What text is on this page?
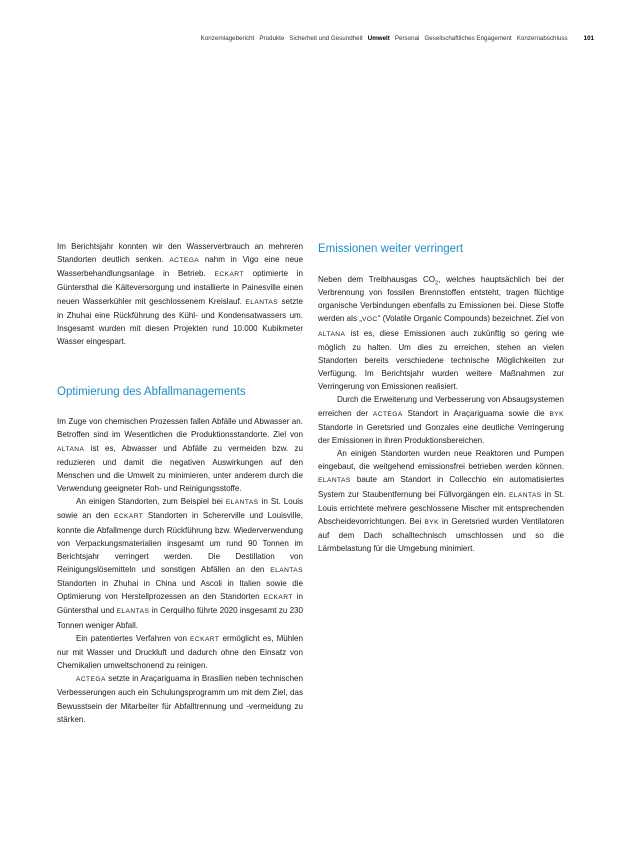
Konzernlagebericht Produkte Sicherheit und Gesundheit Umwelt Personal Gesellschaftliches Engagement Konzernabschluss	101

Im Berichtsjahr konnten wir den Wasserverbrauch an mehreren Standorten deutlich senken. ACTEGA nahm in Vigo eine neue Wasserbehandlungsanlage in Betrieb. ECKART optimierte in Güntersthal die Kälteversorgung und installierte in Painesville einen neuen Wasserkühler mit geschlossenem Kreislauf. ELANTAS setzte in Zhuhai eine Rückführung des Kühl- und Kondensatwassers um. Insgesamt wurden mit diesen Projekten rund 10.000 Kubikmeter Wasser eingespart.

Optimierung des Abfallmanagements

Im Zuge von chemischen Prozessen fallen Abfälle und Abwasser an. Betroffen sind im Wesentlichen die Produktionsstandorte. Ziel von ALTANA ist es, Abwasser und Abfälle zu vermeiden bzw. zu reduzieren und damit die negativen Auswirkungen auf den Menschen und die Umwelt zu minimieren, unter anderem durch die Verwendung geeigneter Roh- und Reinigungsstoffe.

An einigen Standorten, zum Beispiel bei ELANTAS in St. Louis sowie an den ECKART Standorten in Schererville und Louisville, konnte die Abfallmenge durch Rückführung bzw. Wiederverwendung von Verpackungsmaterialien insgesamt um rund 90 Tonnen im Berichtsjahr verringert werden. Die Destillation von Reinigungslösemitteln und sonstigen Abfällen an den ELANTAS Standorten in Zhuhai in China und Ascoli in Italien sowie die Optimierung von Herstellprozessen an den Standorten ECKART in Güntersthal und ELANTAS in Cerquilho führte 2020 insgesamt zu 230 Tonnen weniger Abfall.

Ein patentiertes Verfahren von ECKART ermöglicht es, Mühlen nur mit Wasser und Druckluft und dadurch ohne den Einsatz von Chemikalien umweltschonend zu reinigen.

ACTEGA setzte in Araçariguama in Brasilien neben technischen Verbesserungen auch ein Schulungsprogramm um mit dem Ziel, das Bewusstsein der Mitarbeiter für Abfalltrennung und -vermeidung zu stärken.

Emissionen weiter verringert

Neben dem Treibhausgas $CO_2$, welches hauptsächlich bei der Verbrennung von fossilen Brennstoffen entsteht, tragen flüchtige organische Verbindungen ebenfalls zu Emissionen bei. Diese Stoffe werden als „VOC“ (Volatile Organic Compounds) bezeichnet. Ziel von ALTANA ist es, diese Emissionen auch zukünftig so gering wie möglich zu halten. Um dies zu erreichen, stehen an vielen Standorten bereits verschiedene technische Möglichkeiten zur Verfügung. Im Berichtsjahr wurden weitere Maßnahmen zur Verringerung von Emissionen realisiert.

Durch die Erweiterung und Verbesserung von Absaugsystemen erreichen der ACTEGA Standort in Araçariguama sowie die BYK Standorte in Geretsried und Gonzales eine deutliche Verringerung der Emissionen in ihren Produktionsbereichen.

An einigen Standorten wurden neue Reaktoren und Pumpen eingebaut, die weitgehend emissionsfrei betrieben werden können. ELANTAS baute am Standort in Collecchio ein automatisiertes System zur Staubentfernung bei Füllvorgängen ein. ELANTAS in St. Louis errichtete mehrere geschlossene Mischer mit entsprechenden Abscheidevorrichtungen. Bei BYK in Geretsried wurden Ventilatoren auf dem Dach schalltechnisch umschlossen und so die Lärmbelastung für die Umgebung minimiert.
